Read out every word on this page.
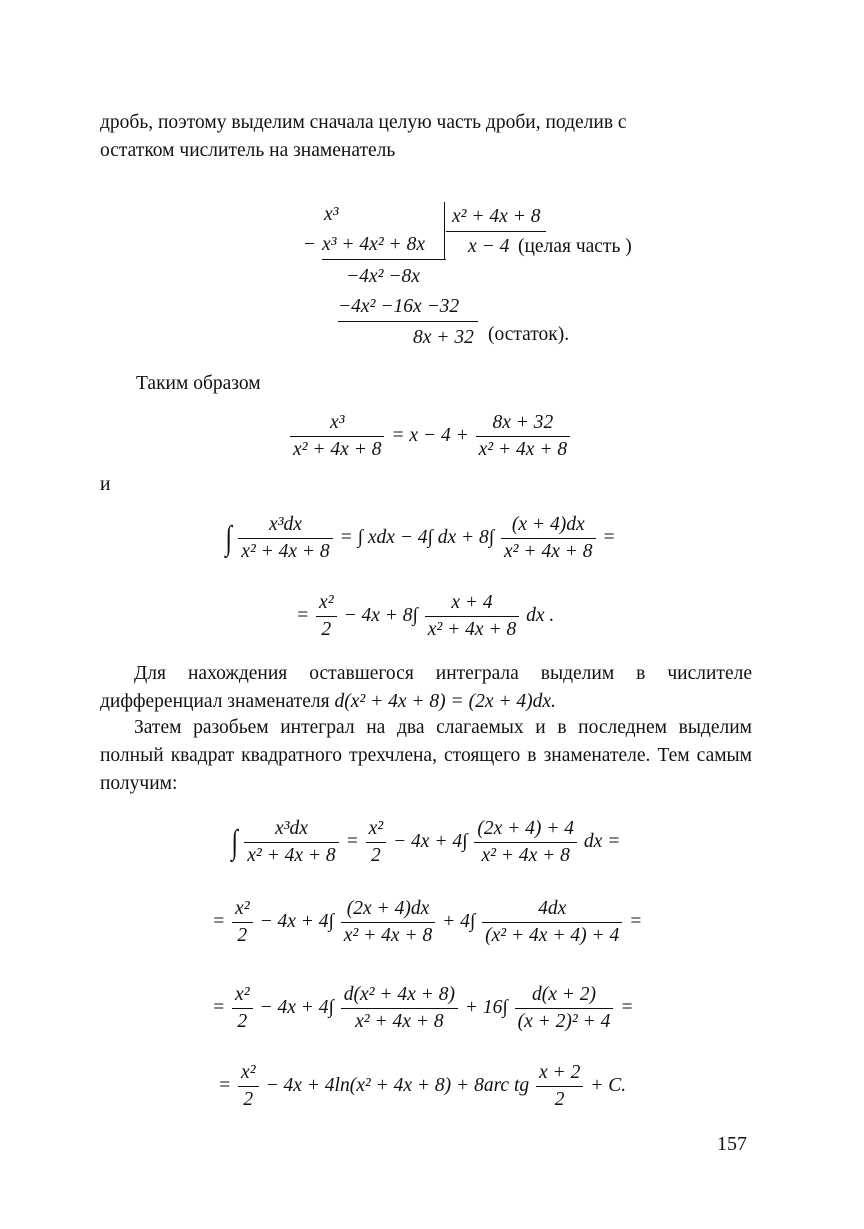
дробь, поэтому выделим сначала целую часть дроби, поделив с
остатком числитель на знаменатель
x³
− x³ + 4x² + 8x
−4x² −8x
−4x² −16x −32
8x + 32 (остаток).
x² + 4x + 8
x − 4 (целая часть )
Таким образом
$\frac{\text{x³}}{\text{x² + 4x + 8}} = x - 4 + \frac{8x + 32}{\text{x² + 4x + 8}}$
и
∫ $\frac{\text{x³dx}}{\text{x² + 4x + 8}}$ = ∫ xdx − 4∫ dx + $8\int \frac{(x + 4)dx}{\text{x² + 4x + 8}}$ =
= $\frac{\text{x²}}{2} - 4x + 8\int \frac{x + 4}{\text{x² + 4x + 8}}$ dx .
Для нахождения оставшегося интеграла выделим в числителе дифференциал знаменателя d(x² + 4x + 8) = (2x + 4)dx.
Затем разобьем интеграл на два слагаемых и в последнем выделим полный квадрат квадратного трехчлена, стоящего в знаменателе. Тем самым получим:
∫ $\frac{\text{x³dx}}{\text{x² + 4x + 8}} = \frac{\text{x²}}{2} - 4x + 4\int \frac{(2x + 4) + 4}{\text{x² + 4x + 8}}$ dx =
= $\frac{\text{x²}}{2} - 4x + 4\int \frac{(2x + 4)dx}{\text{x² + 4x + 8}} + 4\int \frac{4dx}{\text{(x² + 4x + 4) + 4}}$ =
= $\frac{\text{x²}}{2} - 4x + 4\int \frac{\text{d(x² + 4x + 8)}}{\text{x² + 4x + 8}} + 16\int \frac{d(x + 2)}{\text{(x + 2)² + 4}}$ =
= $\frac{\text{x²}}{2} - 4x + 4\ln(x^2 + 4x + 8) + 8arc$ tg $\frac{x + 2}{2} + C$.
157
